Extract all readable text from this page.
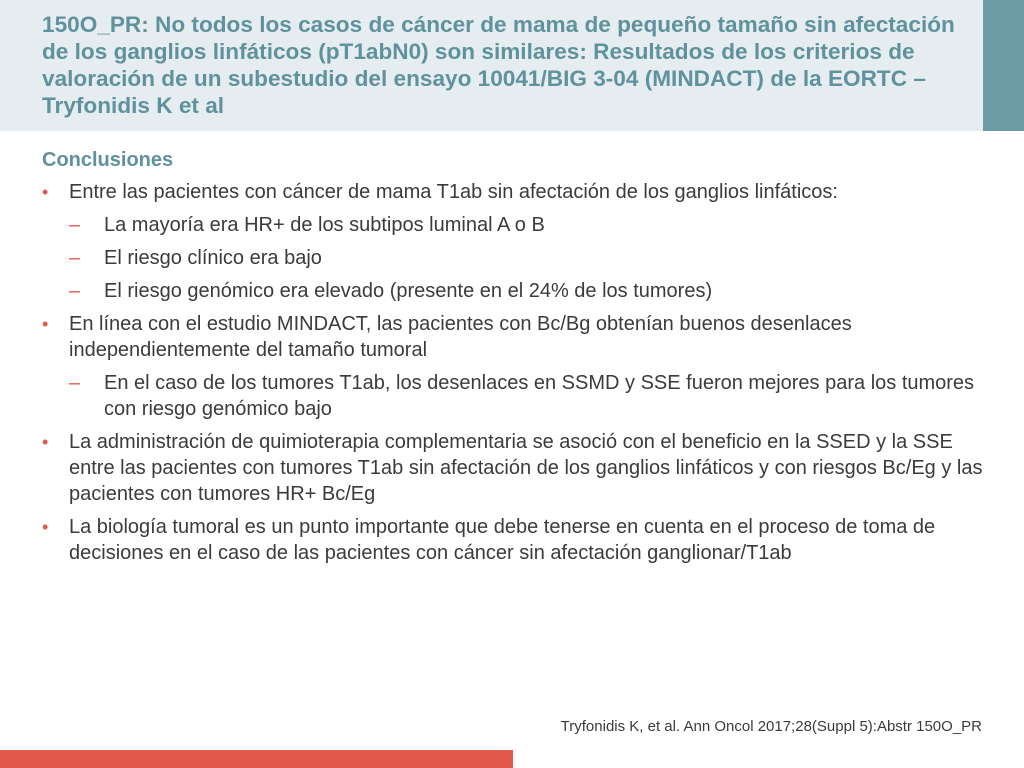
150O_PR: No todos los casos de cáncer de mama de pequeño tamaño sin afectación de los ganglios linfáticos (pT1abN0) son similares: Resultados de los criterios de valoración de un subestudio del ensayo 10041/BIG 3-04 (MINDACT) de la EORTC – Tryfonidis K et al
Conclusiones
• Entre las pacientes con cáncer de mama T1ab sin afectación de los ganglios linfáticos:
– La mayoría era HR+ de los subtipos luminal A o B
– El riesgo clínico era bajo
– El riesgo genómico era elevado (presente en el 24% de los tumores)
• En línea con el estudio MINDACT, las pacientes con Bc/Bg obtenían buenos desenlaces independientemente del tamaño tumoral
– En el caso de los tumores T1ab, los desenlaces en SSMD y SSE fueron mejores para los tumores con riesgo genómico bajo
• La administración de quimioterapia complementaria se asoció con el beneficio en la SSED y la SSE entre las pacientes con tumores T1ab sin afectación de los ganglios linfáticos y con riesgos Bc/Eg y las pacientes con tumores HR+ Bc/Eg
• La biología tumoral es un punto importante que debe tenerse en cuenta en el proceso de toma de decisiones en el caso de las pacientes con cáncer sin afectación ganglionar/T1ab
Tryfonidis K, et al. Ann Oncol 2017;28(Suppl 5):Abstr 150O_PR
